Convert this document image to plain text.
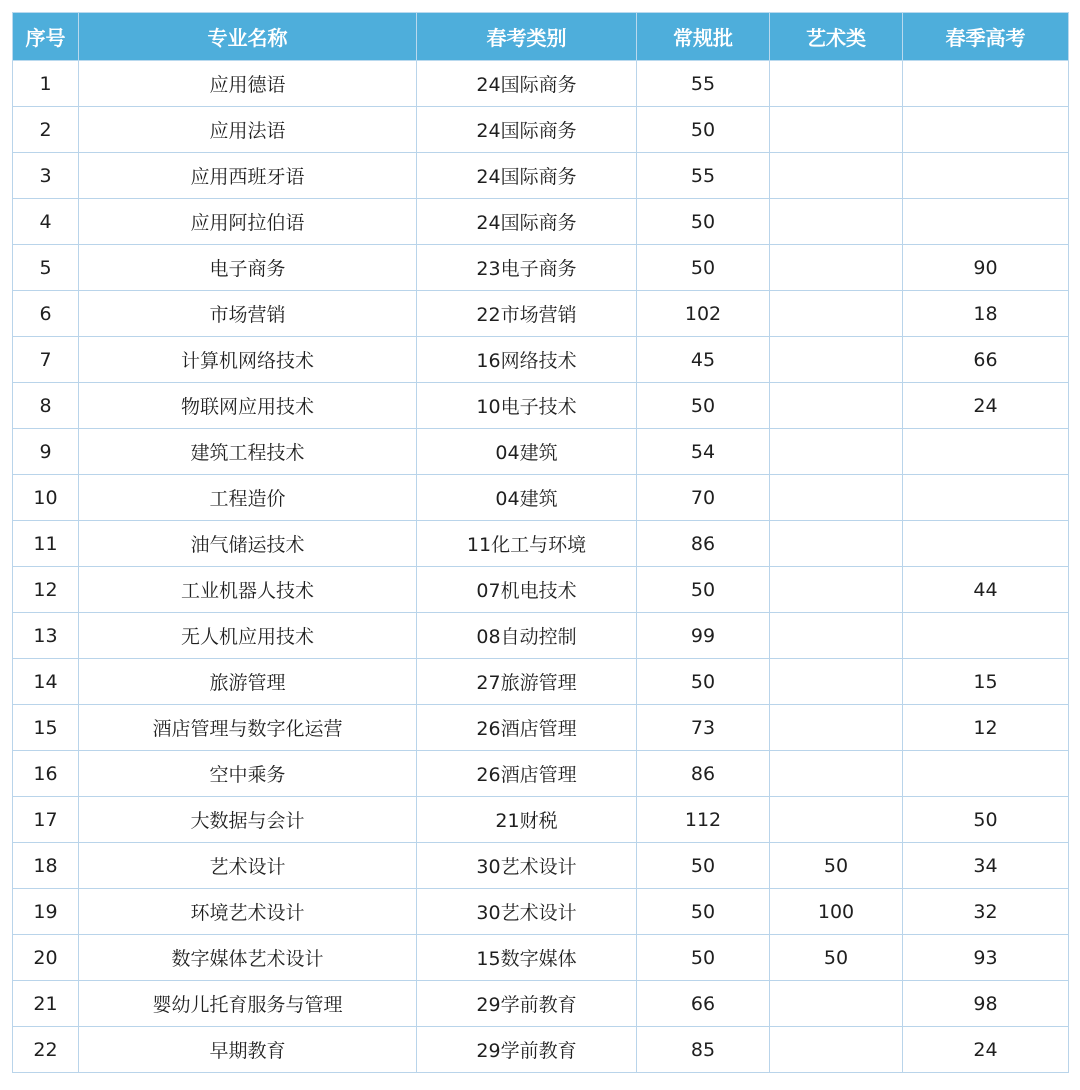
序号	专业名称	春考类别	常规批	艺术类	春季高考
1	应用德语	24国际商务	55		
2	应用法语	24国际商务	50		
3	应用西班牙语	24国际商务	55		
4	应用阿拉伯语	24国际商务	50		
5	电子商务	23电子商务	50		90
6	市场营销	22市场营销	102		18
7	计算机网络技术	16网络技术	45		66
8	物联网应用技术	10电子技术	50		24
9	建筑工程技术	04建筑	54		
10	工程造价	04建筑	70		
11	油气储运技术	11化工与环境	86		
12	工业机器人技术	07机电技术	50		44
13	无人机应用技术	08自动控制	99		
14	旅游管理	27旅游管理	50		15
15	酒店管理与数字化运营	26酒店管理	73		12
16	空中乘务	26酒店管理	86		
17	大数据与会计	21财税	112		50
18	艺术设计	30艺术设计	50	50	34
19	环境艺术设计	30艺术设计	50	100	32
20	数字媒体艺术设计	15数字媒体	50	50	93
21	婴幼儿托育服务与管理	29学前教育	66		98
22	早期教育	29学前教育	85		24
